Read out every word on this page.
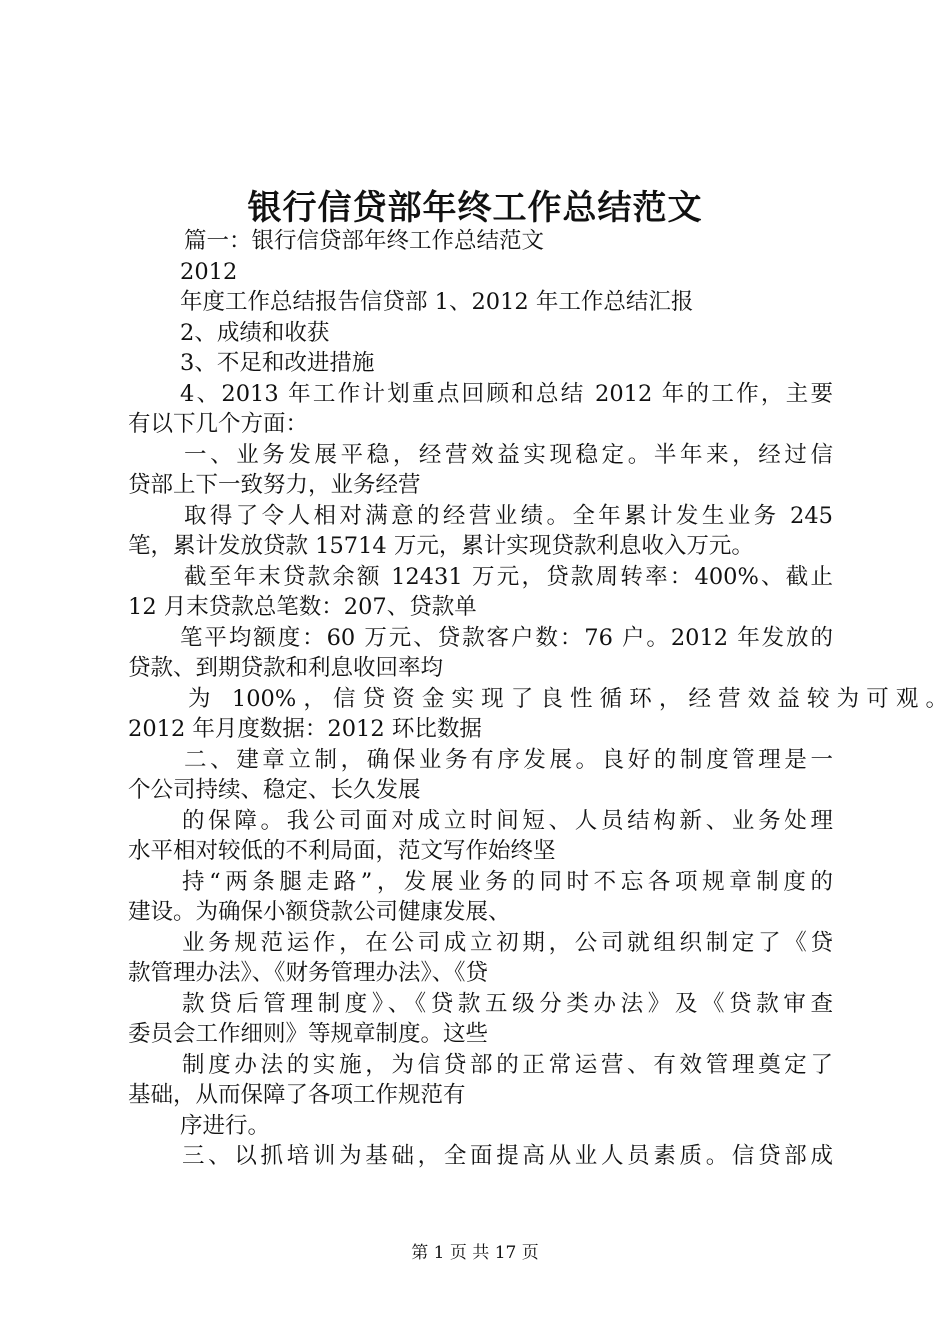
银行信贷部年终工作总结范文
篇一：银行信贷部年终工作总结范文
2012
年度工作总结报告信贷部 1、2012 年工作总结汇报
2、成绩和收获
3、不足和改进措施
4、2013 年工作计划重点回顾和总结 2012 年的工作，主要
有以下几个方面：
一、业务发展平稳，经营效益实现稳定。半年来，经过信
贷部上下一致努力，业务经营
取得了令人相对满意的经营业绩。全年累计发生业务 245
笔，累计发放贷款 15714 万元，累计实现贷款利息收入万元。
截至年末贷款余额 12431 万元，贷款周转率：400%、截止
12 月末贷款总笔数：207、贷款单
笔平均额度：60 万元、贷款客户数：76 户。2012 年发放的
贷款、到期贷款和利息收回率均
为 100%，信贷资金实现了良性循环，经营效益较为可观。
2012 年月度数据：2012 环比数据
二、建章立制，确保业务有序发展。良好的制度管理是一
个公司持续、稳定、长久发展
的保障。我公司面对成立时间短、人员结构新、业务处理
水平相对较低的不利局面，范文写作始终坚
持“两条腿走路”，发展业务的同时不忘各项规章制度的
建设。为确保小额贷款公司健康发展、
业务规范运作，在公司成立初期，公司就组织制定了《贷
款管理办法》、《财务管理办法》、《贷
款贷后管理制度》、《贷款五级分类办法》及《贷款审查
委员会工作细则》等规章制度。这些
制度办法的实施，为信贷部的正常运营、有效管理奠定了
基础，从而保障了各项工作规范有
序进行。
三、以抓培训为基础，全面提高从业人员素质。信贷部成
第 1 页 共 17 页
